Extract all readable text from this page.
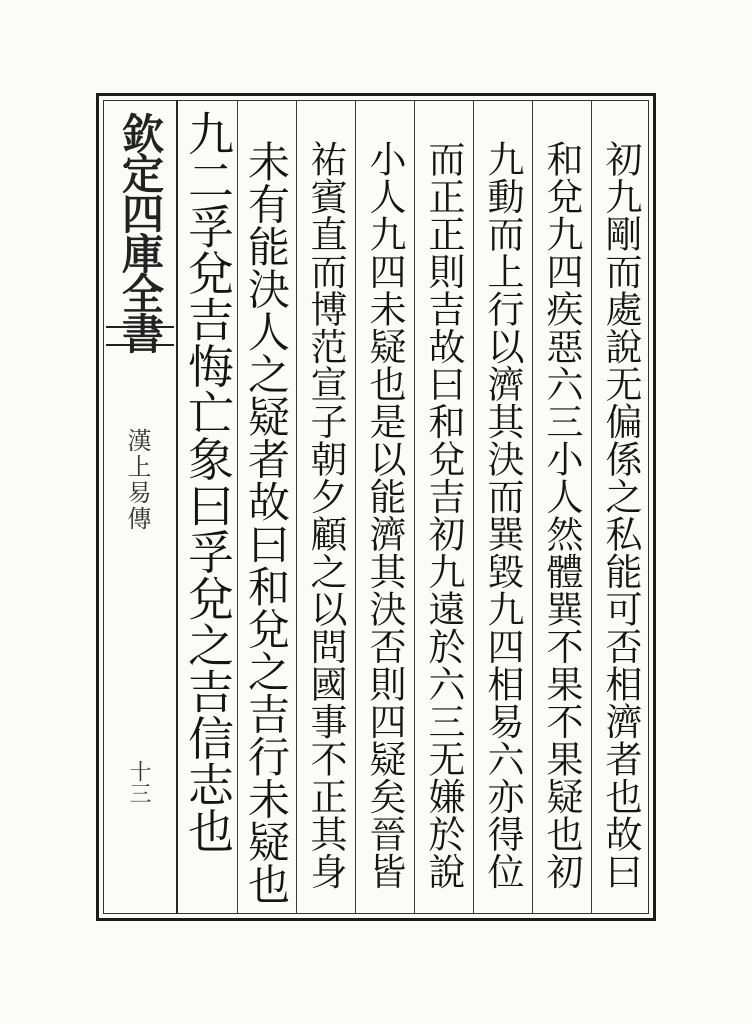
欽定四庫全書
漢上易傳
十三	初九剛而處說无偏係之私能可否相濟者也故曰
和兌九四疾惡六三小人然體巽不果不果疑也初
九動而上行以濟其決而巽毀九四相易六亦得位
而正正則吉故曰和兌吉初九遠於六三无嫌於說
小人九四未疑也是以能濟其決否則四疑矣晉皆
祐賓直而博范宣子朝夕顧之以問國事不正其身
未有能決人之疑者故曰和兌之吉行未疑也
九二孚兌吉悔亡象曰孚兌之吉信志也
